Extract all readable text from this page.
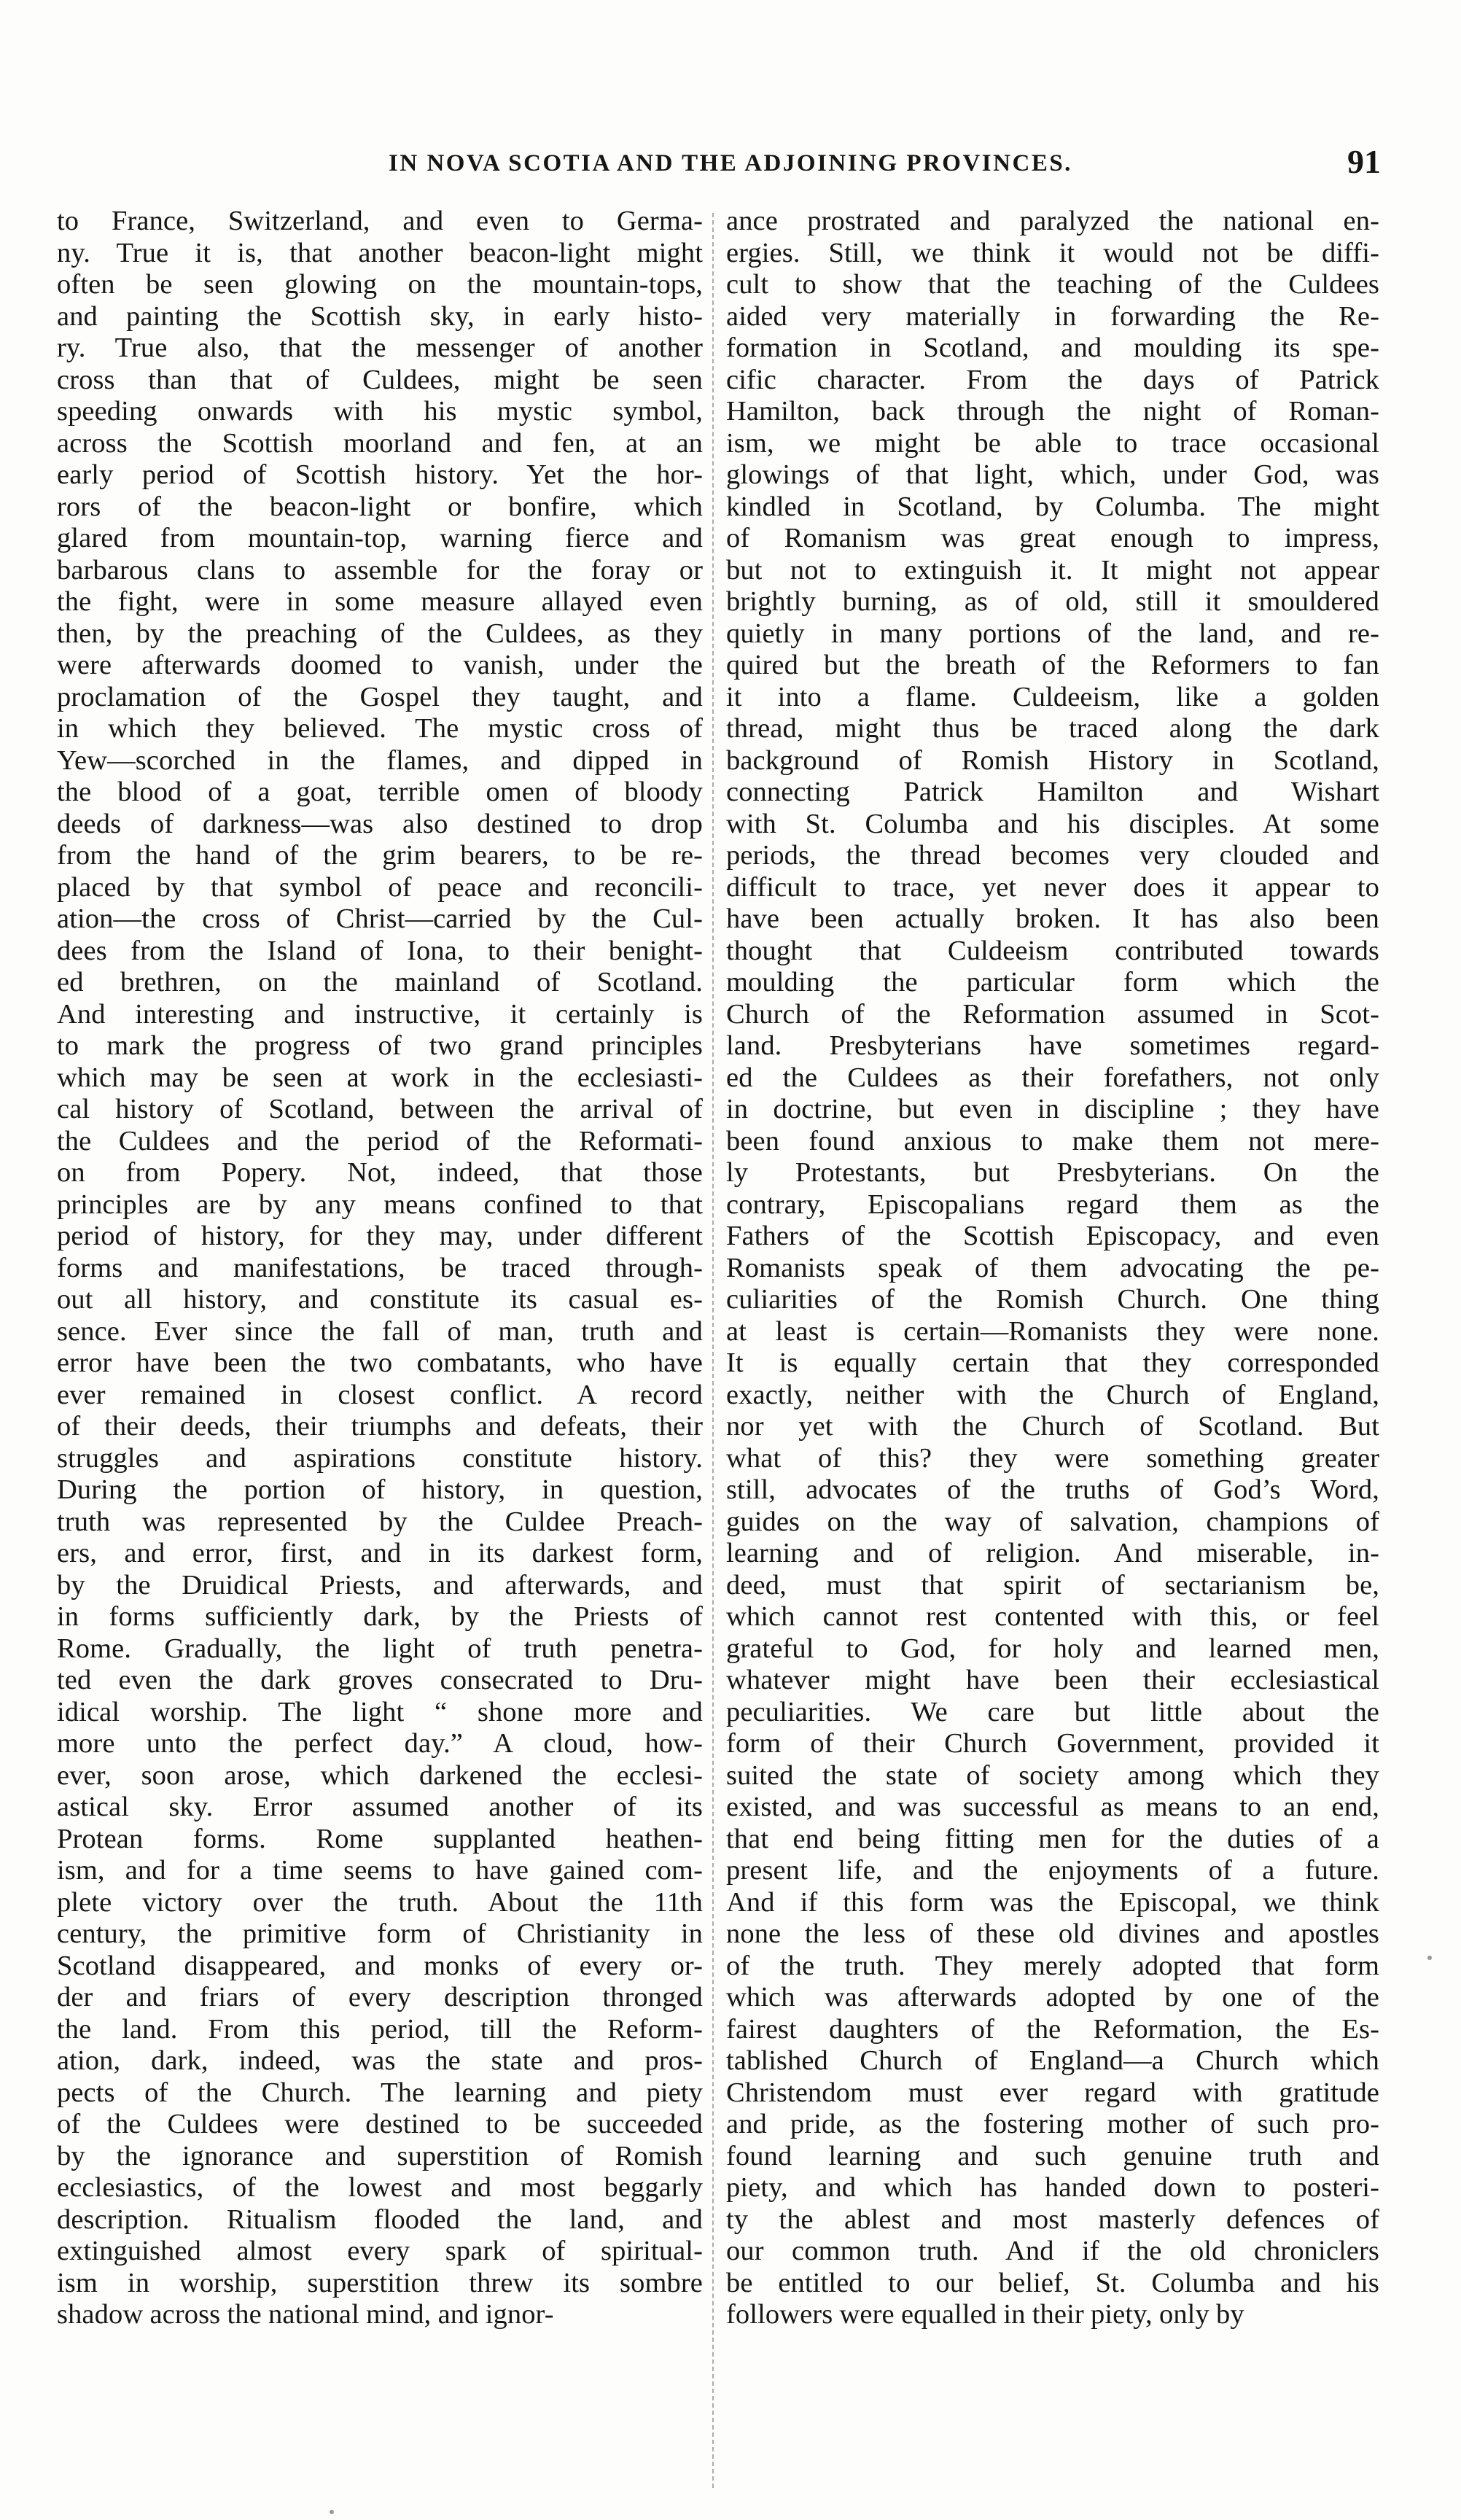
IN NOVA SCOTIA AND THE ADJOINING PROVINCES.	91
to France, Switzerland, and even to Germa-
ny. True it is, that another beacon-light might
often be seen glowing on the mountain-tops,
and painting the Scottish sky, in early histo-
ry. True also, that the messenger of another
cross than that of Culdees, might be seen
speeding onwards with his mystic symbol,
across the Scottish moorland and fen, at an
early period of Scottish history. Yet the hor-
rors of the beacon-light or bonfire, which
glared from mountain-top, warning fierce and
barbarous clans to assemble for the foray or
the fight, were in some measure allayed even
then, by the preaching of the Culdees, as they
were afterwards doomed to vanish, under the
proclamation of the Gospel they taught, and
in which they believed. The mystic cross of
Yew—scorched in the flames, and dipped in
the blood of a goat, terrible omen of bloody
deeds of darkness—was also destined to drop
from the hand of the grim bearers, to be re-
placed by that symbol of peace and reconcili-
ation—the cross of Christ—carried by the Cul-
dees from the Island of Iona, to their benight-
ed brethren, on the mainland of Scotland.
And interesting and instructive, it certainly is
to mark the progress of two grand principles
which may be seen at work in the ecclesiasti-
cal history of Scotland, between the arrival of
the Culdees and the period of the Reformati-
on from Popery. Not, indeed, that those
principles are by any means confined to that
period of history, for they may, under different
forms and manifestations, be traced through-
out all history, and constitute its casual es-
sence. Ever since the fall of man, truth and
error have been the two combatants, who have
ever remained in closest conflict. A record
of their deeds, their triumphs and defeats, their
struggles and aspirations constitute history.
During the portion of history, in question,
truth was represented by the Culdee Preach-
ers, and error, first, and in its darkest form,
by the Druidical Priests, and afterwards, and
in forms sufficiently dark, by the Priests of
Rome. Gradually, the light of truth penetra-
ted even the dark groves consecrated to Dru-
idical worship. The light “ shone more and
more unto the perfect day.” A cloud, how-
ever, soon arose, which darkened the ecclesi-
astical sky. Error assumed another of its
Protean forms. Rome supplanted heathen-
ism, and for a time seems to have gained com-
plete victory over the truth. About the 11th
century, the primitive form of Christianity in
Scotland disappeared, and monks of every or-
der and friars of every description thronged
the land. From this period, till the Reform-
ation, dark, indeed, was the state and pros-
pects of the Church. The learning and piety
of the Culdees were destined to be succeeded
by the ignorance and superstition of Romish
ecclesiastics, of the lowest and most beggarly
description. Ritualism flooded the land, and
extinguished almost every spark of spiritual-
ism in worship, superstition threw its sombre
shadow across the national mind, and ignor-
ance prostrated and paralyzed the national en-
ergies. Still, we think it would not be diffi-
cult to show that the teaching of the Culdees
aided very materially in forwarding the Re-
formation in Scotland, and moulding its spe-
cific character. From the days of Patrick
Hamilton, back through the night of Roman-
ism, we might be able to trace occasional
glowings of that light, which, under God, was
kindled in Scotland, by Columba. The might
of Romanism was great enough to impress,
but not to extinguish it. It might not appear
brightly burning, as of old, still it smouldered
quietly in many portions of the land, and re-
quired but the breath of the Reformers to fan
it into a flame. Culdeeism, like a golden
thread, might thus be traced along the dark
background of Romish History in Scotland,
connecting Patrick Hamilton and Wishart
with St. Columba and his disciples. At some
periods, the thread becomes very clouded and
difficult to trace, yet never does it appear to
have been actually broken. It has also been
thought that Culdeeism contributed towards
moulding the particular form which the
Church of the Reformation assumed in Scot-
land. Presbyterians have sometimes regard-
ed the Culdees as their forefathers, not only
in doctrine, but even in discipline ; they have
been found anxious to make them not mere-
ly Protestants, but Presbyterians. On the
contrary, Episcopalians regard them as the
Fathers of the Scottish Episcopacy, and even
Romanists speak of them advocating the pe-
culiarities of the Romish Church. One thing
at least is certain—Romanists they were none.
It is equally certain that they corresponded
exactly, neither with the Church of England,
nor yet with the Church of Scotland. But
what of this? they were something greater
still, advocates of the truths of God’s Word,
guides on the way of salvation, champions of
learning and of religion. And miserable, in-
deed, must that spirit of sectarianism be,
which cannot rest contented with this, or feel
grateful to God, for holy and learned men,
whatever might have been their ecclesiastical
peculiarities. We care but little about the
form of their Church Government, provided it
suited the state of society among which they
existed, and was successful as means to an end,
that end being fitting men for the duties of a
present life, and the enjoyments of a future.
And if this form was the Episcopal, we think
none the less of these old divines and apostles
of the truth. They merely adopted that form
which was afterwards adopted by one of the
fairest daughters of the Reformation, the Es-
tablished Church of England—a Church which
Christendom must ever regard with gratitude
and pride, as the fostering mother of such pro-
found learning and such genuine truth and
piety, and which has handed down to posteri-
ty the ablest and most masterly defences of
our common truth. And if the old chroniclers
be entitled to our belief, St. Columba and his
followers were equalled in their piety, only by
